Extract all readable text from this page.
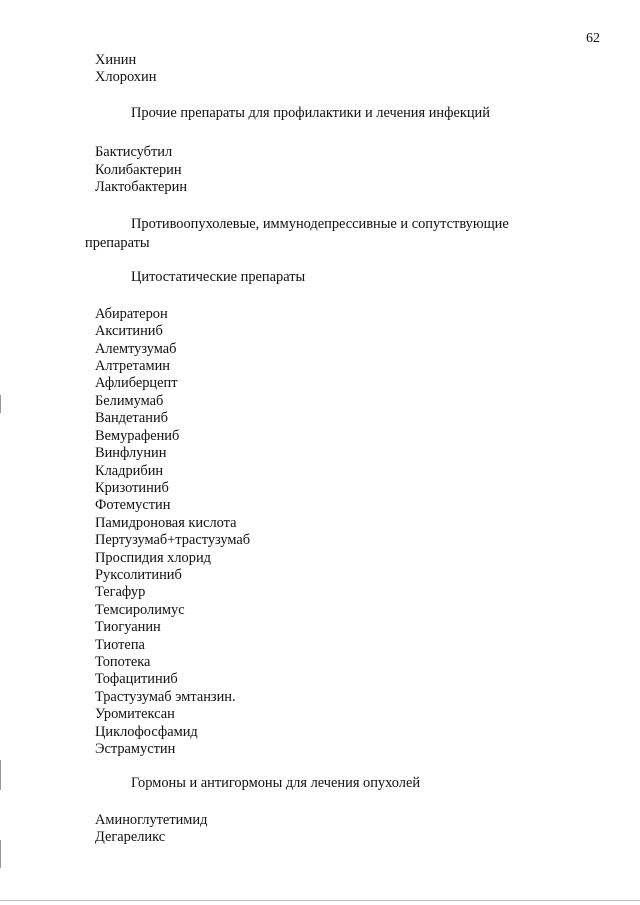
62
Хинин
Хлорохин
Прочие препараты для профилактики и лечения инфекций
Бактисубтил
Колибактерин
Лактобактерин
Противоопухолевые, иммунодепрессивные и сопутствующие препараты
Цитостатические препараты
Абиратерон
Акситиниб
Алемтузумаб
Алтретамин
Афлиберцепт
Белимумаб
Вандетаниб
Вемурафениб
Винфлунин
Кладрибин
Кризотиниб
Фотемустин
Памидроновая кислота
Пертузумаб+трастузумаб
Проспидия хлорид
Руксолитиниб
Тегафур
Темсиролимус
Тиогуанин
Тиотепа
Топотека
Тофацитиниб
Трастузумаб эмтанзин.
Уромитексан
Циклофосфамид
Эстрамустин
Гормоны и антигормоны для лечения опухолей
Аминоглутетимид
Дегареликс
